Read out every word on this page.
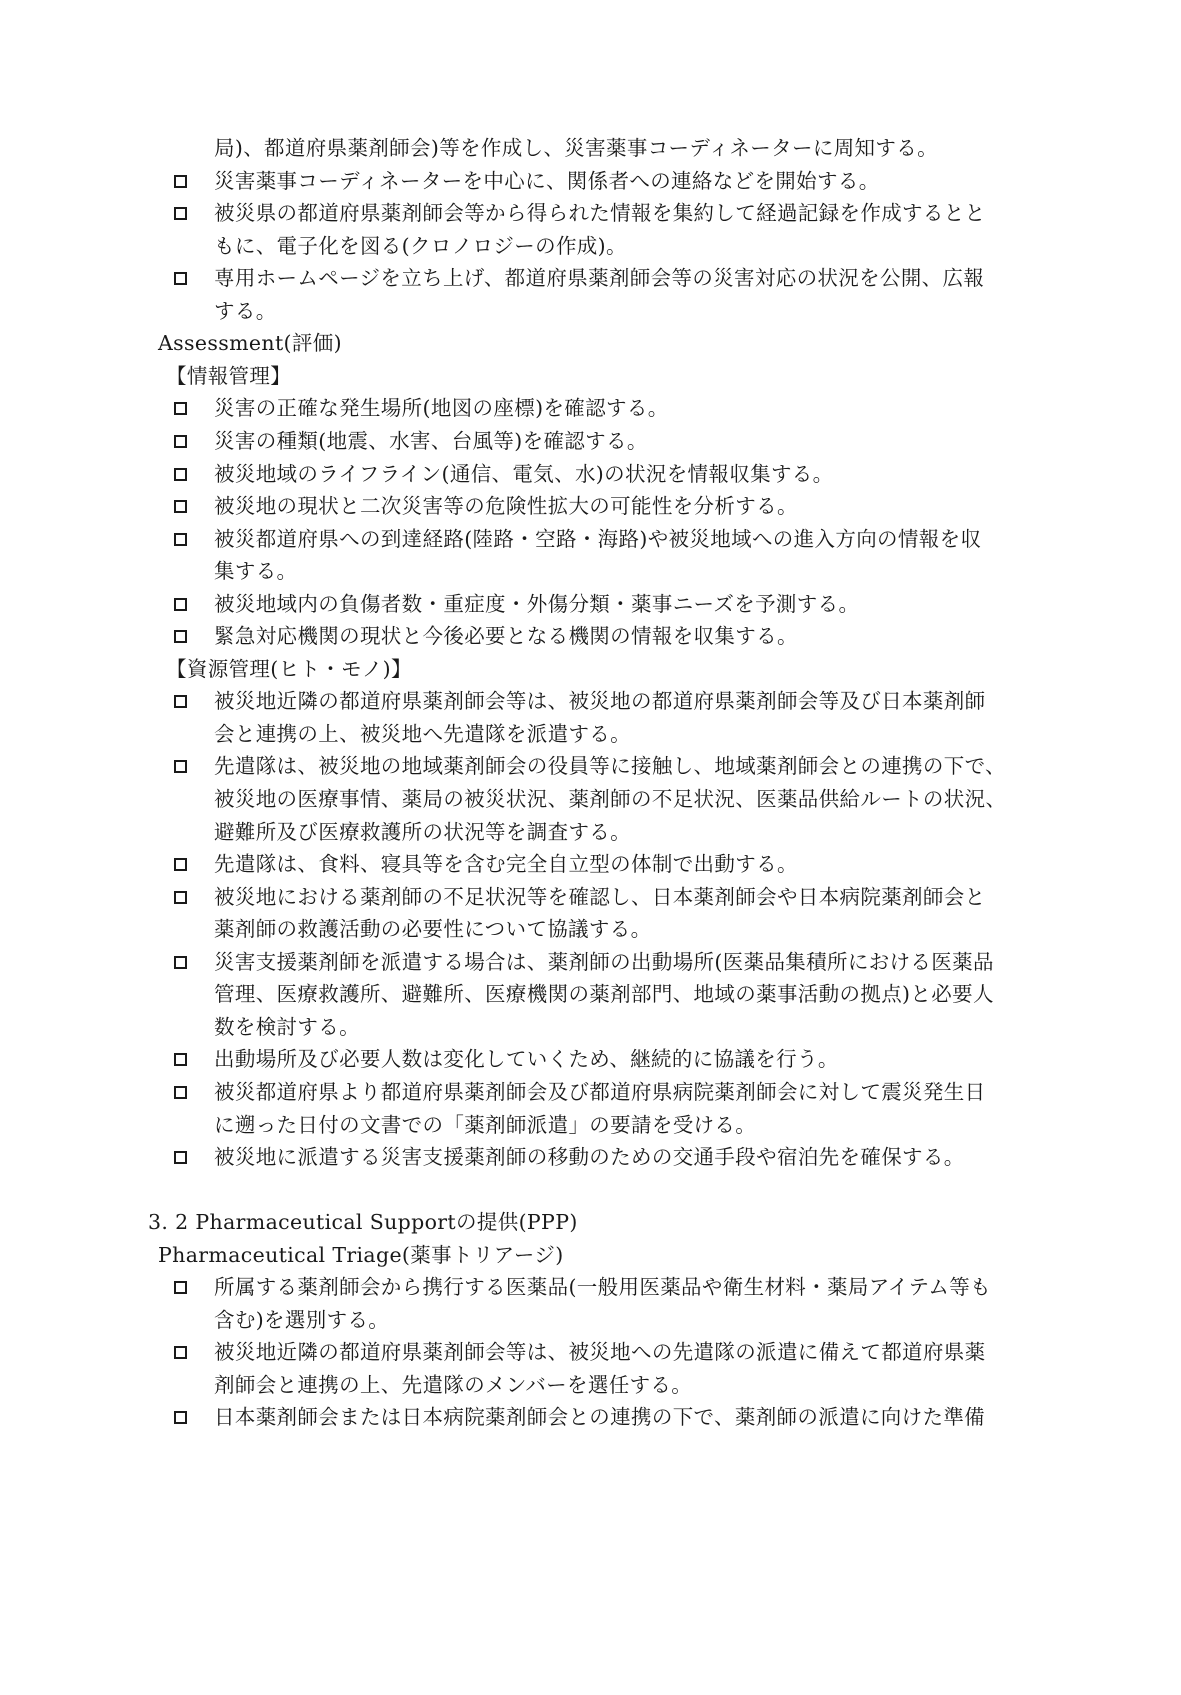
局)、都道府県薬剤師会)等を作成し、災害薬事コーディネーターに周知する。
災害薬事コーディネーターを中心に、関係者への連絡などを開始する。
被災県の都道府県薬剤師会等から得られた情報を集約して経過記録を作成するとと
もに、電子化を図る(クロノロジーの作成)。
専用ホームページを立ち上げ、都道府県薬剤師会等の災害対応の状況を公開、広報
する。
Assessment(評価)
【情報管理】
災害の正確な発生場所(地図の座標)を確認する。
災害の種類(地震、水害、台風等)を確認する。
被災地域のライフライン(通信、電気、水)の状況を情報収集する。
被災地の現状と二次災害等の危険性拡大の可能性を分析する。
被災都道府県への到達経路(陸路・空路・海路)や被災地域への進入方向の情報を収
集する。
被災地域内の負傷者数・重症度・外傷分類・薬事ニーズを予測する。
緊急対応機関の現状と今後必要となる機関の情報を収集する。
【資源管理(ヒト・モノ)】
被災地近隣の都道府県薬剤師会等は、被災地の都道府県薬剤師会等及び日本薬剤師
会と連携の上、被災地へ先遣隊を派遣する。
先遣隊は、被災地の地域薬剤師会の役員等に接触し、地域薬剤師会との連携の下で、
被災地の医療事情、薬局の被災状況、薬剤師の不足状況、医薬品供給ルートの状況、
避難所及び医療救護所の状況等を調査する。
先遣隊は、食料、寝具等を含む完全自立型の体制で出動する。
被災地における薬剤師の不足状況等を確認し、日本薬剤師会や日本病院薬剤師会と
薬剤師の救護活動の必要性について協議する。
災害支援薬剤師を派遣する場合は、薬剤師の出動場所(医薬品集積所における医薬品
管理、医療救護所、避難所、医療機関の薬剤部門、地域の薬事活動の拠点)と必要人
数を検討する。
出動場所及び必要人数は変化していくため、継続的に協議を行う。
被災都道府県より都道府県薬剤師会及び都道府県病院薬剤師会に対して震災発生日
に遡った日付の文書での「薬剤師派遣」の要請を受ける。
被災地に派遣する災害支援薬剤師の移動のための交通手段や宿泊先を確保する。
3. 2 Pharmaceutical Supportの提供(PPP)
Pharmaceutical Triage(薬事トリアージ)
所属する薬剤師会から携行する医薬品(一般用医薬品や衛生材料・薬局アイテム等も
含む)を選別する。
被災地近隣の都道府県薬剤師会等は、被災地への先遣隊の派遣に備えて都道府県薬
剤師会と連携の上、先遣隊のメンバーを選任する。
日本薬剤師会または日本病院薬剤師会との連携の下で、薬剤師の派遣に向けた準備
